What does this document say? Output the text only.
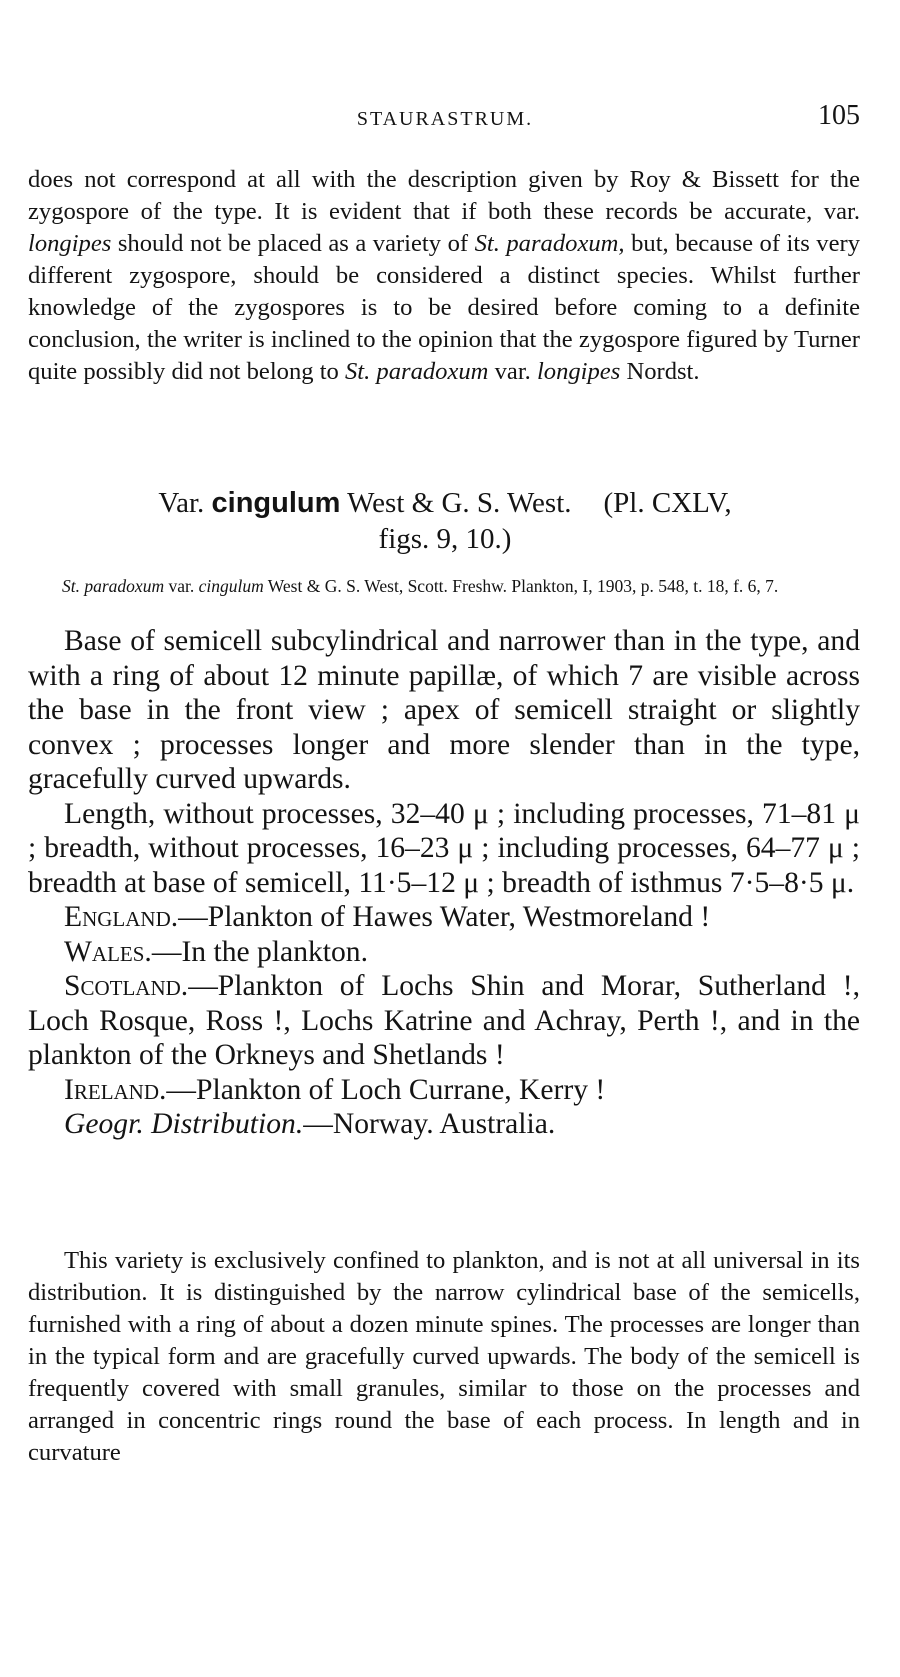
STAURASTRUM.	105

does not correspond at all with the description given by Roy & Bissett for the zygospore of the type. It is evident that if both these records be accurate, var. longipes should not be placed as a variety of St. paradoxum, but, because of its very different zygospore, should be considered a distinct species. Whilst further knowledge of the zygospores is to be desired before coming to a definite conclusion, the writer is inclined to the opinion that the zygospore figured by Turner quite possibly did not belong to St. paradoxum var. longipes Nordst.

Var. cingulum West & G. S. West. (Pl. CXLV,
figs. 9, 10.)
St. paradoxum var. cingulum West & G. S. West, Scott. Freshw. Plankton, I, 1903, p. 548, t. 18, f. 6, 7.

Base of semicell subcylindrical and narrower than in the type, and with a ring of about 12 minute papillæ, of which 7 are visible across the base in the front view ; apex of semicell straight or slightly convex ; processes longer and more slender than in the type, gracefully curved upwards.

Length, without processes, 32–40 μ ; including processes, 71–81 μ ; breadth, without processes, 16–23 μ ; including processes, 64–77 μ ; breadth at base of semicell, 11·5–12 μ ; breadth of isthmus 7·5–8·5 μ.

England.—Plankton of Hawes Water, Westmoreland !

Wales.—In the plankton.

Scotland.—Plankton of Lochs Shin and Morar, Sutherland !, Loch Rosque, Ross !, Lochs Katrine and Achray, Perth !, and in the plankton of the Orkneys and Shetlands !

Ireland.—Plankton of Loch Currane, Kerry !

Geogr. Distribution.—Norway. Australia.

This variety is exclusively confined to plankton, and is not at all universal in its distribution. It is distinguished by the narrow cylindrical base of the semicells, furnished with a ring of about a dozen minute spines. The processes are longer than in the typical form and are gracefully curved upwards. The body of the semicell is frequently covered with small granules, similar to those on the processes and arranged in concentric rings round the base of each process. In length and in curvature
